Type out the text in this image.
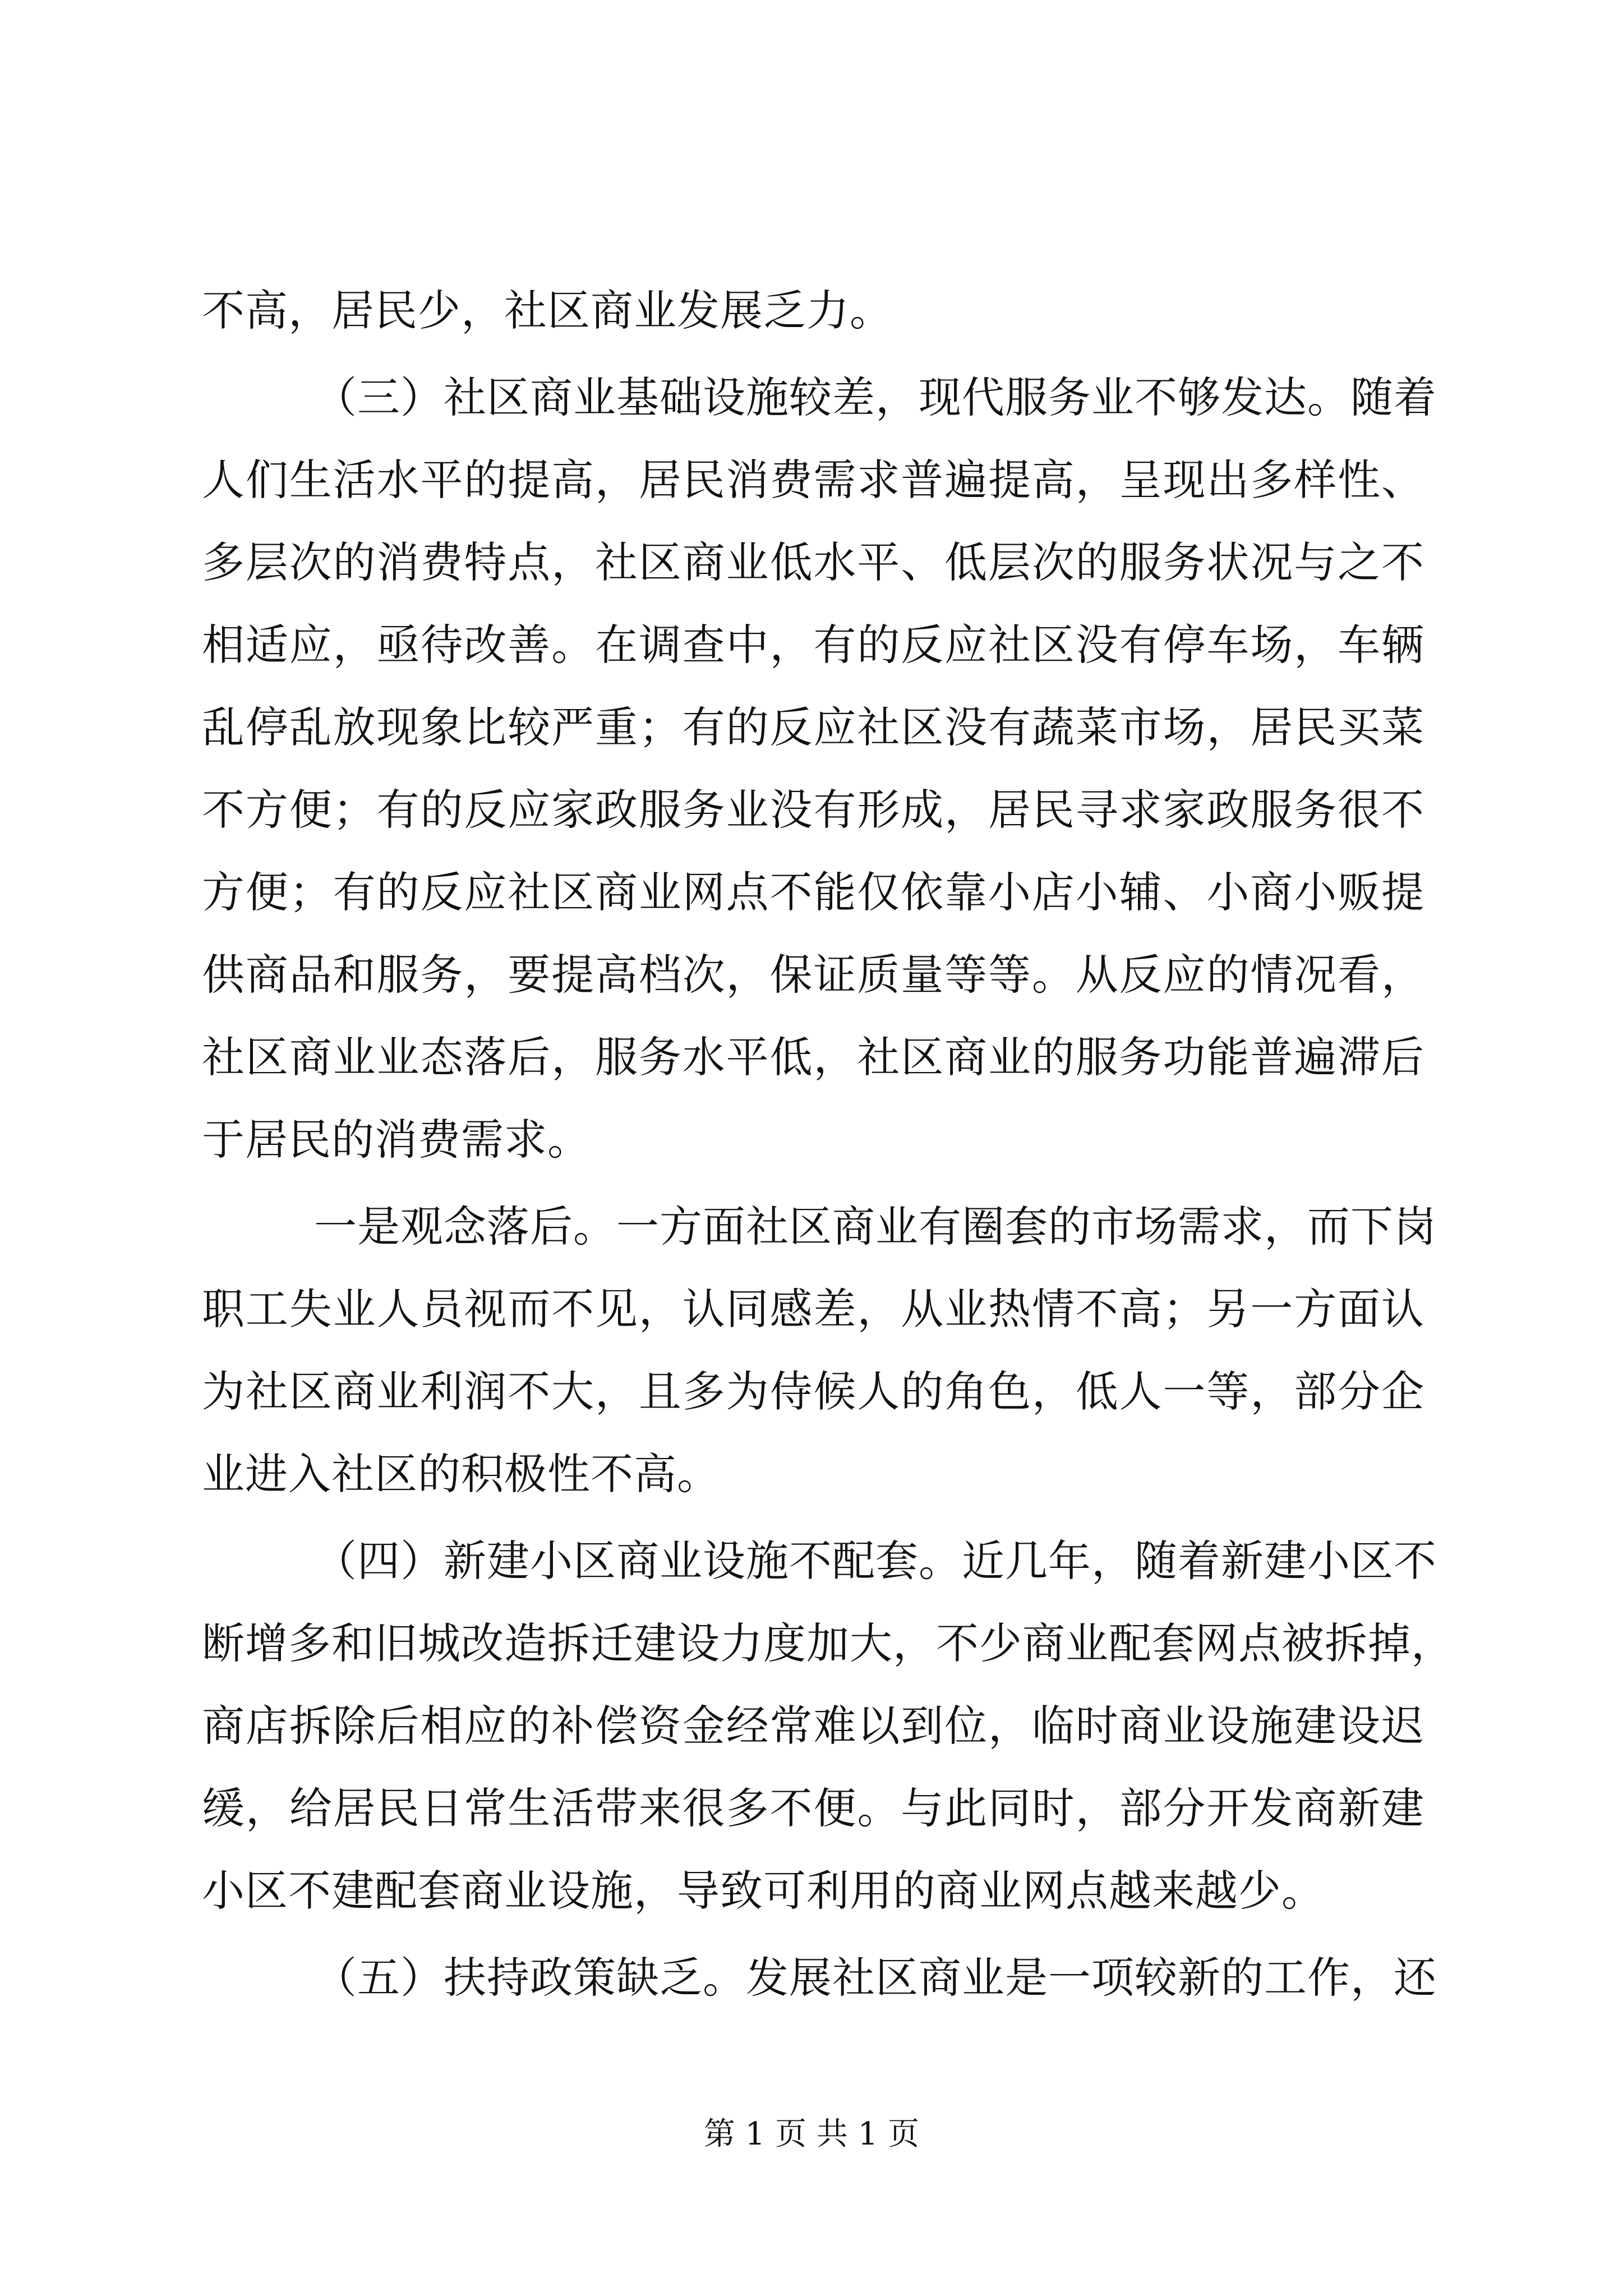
不高，居民少，社区商业发展乏力。
（三）社区商业基础设施较差，现代服务业不够发达。随着
人们生活水平的提高，居民消费需求普遍提高，呈现出多样性、
多层次的消费特点，社区商业低水平、低层次的服务状况与之不
相适应，亟待改善。在调查中，有的反应社区没有停车场，车辆
乱停乱放现象比较严重；有的反应社区没有蔬菜市场，居民买菜
不方便；有的反应家政服务业没有形成，居民寻求家政服务很不
方便；有的反应社区商业网点不能仅依靠小店小辅、小商小贩提
供商品和服务，要提高档次，保证质量等等。从反应的情况看，
社区商业业态落后，服务水平低，社区商业的服务功能普遍滞后
于居民的消费需求。
一是观念落后。一方面社区商业有圈套的市场需求，而下岗
职工失业人员视而不见，认同感差，从业热情不高；另一方面认
为社区商业利润不大，且多为侍候人的角色，低人一等，部分企
业进入社区的积极性不高。
（四）新建小区商业设施不配套。近几年，随着新建小区不
断增多和旧城改造拆迁建设力度加大，不少商业配套网点被拆掉，
商店拆除后相应的补偿资金经常难以到位，临时商业设施建设迟
缓，给居民日常生活带来很多不便。与此同时，部分开发商新建
小区不建配套商业设施，导致可利用的商业网点越来越少。
（五）扶持政策缺乏。发展社区商业是一项较新的工作，还
第 1 页 共 1 页
